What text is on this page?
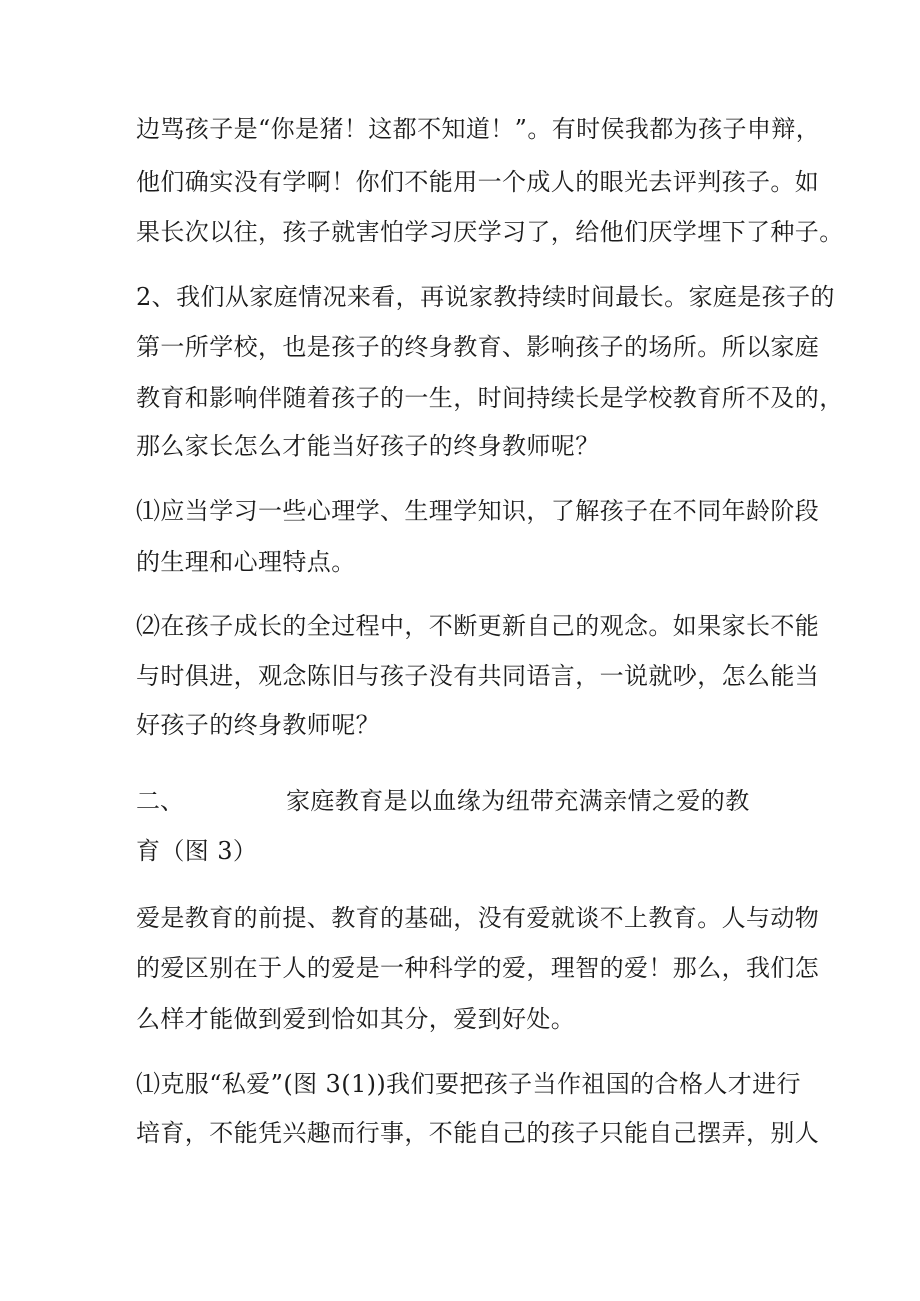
边骂孩子是“你是猪！这都不知道！”。有时侯我都为孩子申辩，
他们确实没有学啊！你们不能用一个成人的眼光去评判孩子。如
果长次以往，孩子就害怕学习厌学习了，给他们厌学埋下了种子。
2、我们从家庭情况来看，再说家教持续时间最长。家庭是孩子的
第一所学校，也是孩子的终身教育、影响孩子的场所。所以家庭
教育和影响伴随着孩子的一生，时间持续长是学校教育所不及的，
那么家长怎么才能当好孩子的终身教师呢？
⑴应当学习一些心理学、生理学知识，了解孩子在不同年龄阶段
的生理和心理特点。
⑵在孩子成长的全过程中，不断更新自己的观念。如果家长不能
与时俱进，观念陈旧与孩子没有共同语言，一说就吵，怎么能当
好孩子的终身教师呢？
二、	家庭教育是以血缘为纽带充满亲情之爱的教
育（图 3）
爱是教育的前提、教育的基础，没有爱就谈不上教育。人与动物
的爱区别在于人的爱是一种科学的爱，理智的爱！那么，我们怎
么样才能做到爱到恰如其分，爱到好处。
⑴克服“私爱”(图 3(1))我们要把孩子当作祖国的合格人才进行
培育，不能凭兴趣而行事，不能自己的孩子只能自己摆弄，别人
